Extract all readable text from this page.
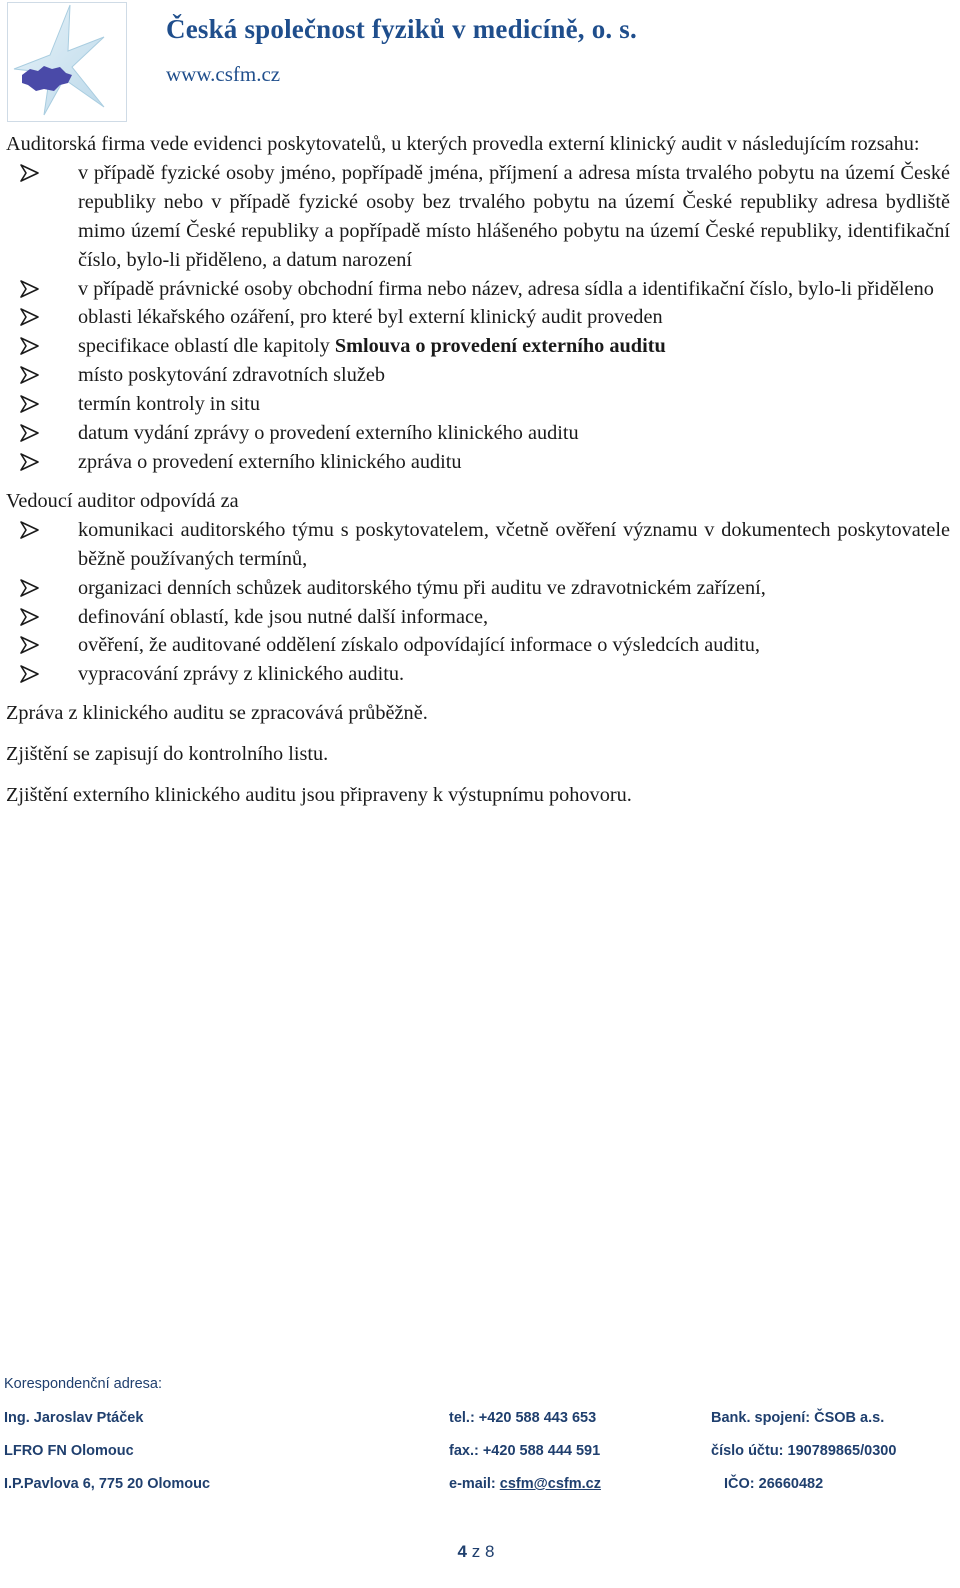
Česká společnost fyziků v medicíně, o. s.
www.csfm.cz

Auditorská firma vede evidenci poskytovatelů, u kterých provedla externí klinický audit v následujícím rozsahu:

v případě fyzické osoby jméno, popřípadě jména, příjmení a adresa místa trvalého pobytu na území České republiky nebo v případě fyzické osoby bez trvalého pobytu na území České republiky adresa bydliště mimo území České republiky a popřípadě místo hlášeného pobytu na území České republiky, identifikační číslo, bylo-li přiděleno, a datum narození
v případě právnické osoby obchodní firma nebo název, adresa sídla a identifikační číslo, bylo-li přiděleno
oblasti lékařského ozáření, pro které byl externí klinický audit proveden
specifikace oblastí dle kapitoly Smlouva o provedení externího auditu
místo poskytování zdravotních služeb
termín kontroly in situ
datum vydání zprávy o provedení externího klinického auditu
zpráva o provedení externího klinického auditu

Vedoucí auditor odpovídá za

komunikaci auditorského týmu s poskytovatelem, včetně ověření významu v dokumentech poskytovatele běžně používaných termínů,
organizaci denních schůzek auditorského týmu při auditu ve zdravotnickém zařízení,
definování oblastí, kde jsou nutné další informace,
ověření, že auditované oddělení získalo odpovídající informace o výsledcích auditu,
vypracování zprávy z klinického auditu.

Zpráva z klinického auditu se zpracovává průběžně.

Zjištění se zapisují do kontrolního listu.

Zjištění externího klinického auditu jsou připraveny k výstupnímu pohovoru.

Korespondenční adresa:
Ing. Jaroslav Ptáček
LFRO FN Olomouc
I.P.Pavlova 6, 775 20 Olomouc
tel.: +420 588 443 653
fax.: +420 588 444 591
e-mail: csfm@csfm.cz
Bank. spojení: ČSOB a.s.
číslo účtu: 190789865/0300
IČO: 26660482
4 z 8
